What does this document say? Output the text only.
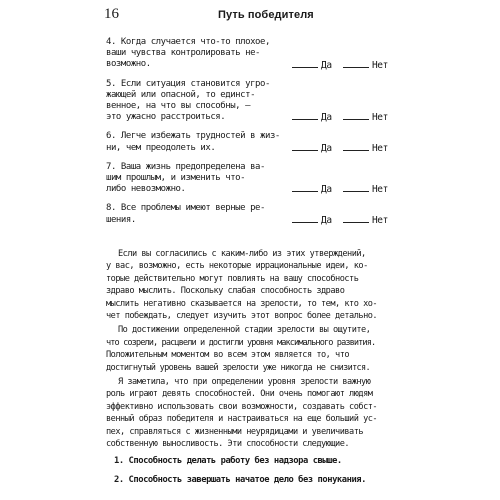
16	Путь победителя
4. Когда случается что-то плохое,
ваши чувства контролировать не-
возможно.	Да	Нет
5. Если ситуация становится угро-
жающей или опасной, то единст-
венное, на что вы способны, —
это ужасно расстроиться.	Да	Нет
6. Легче избежать трудностей в жиз-
ни, чем преодолеть их.	Да	Нет
7. Ваша жизнь предопределена ва-
шим прошлым, и изменить что-
либо невозможно.	Да	Нет
8. Все проблемы имеют верные ре-
шения.	Да	Нет
Если вы согласились с каким-либо из этих утверждений,
у вас, возможно, есть некоторые иррациональные идеи, ко-
торые действительно могут повлиять на вашу способность
здраво мыслить. Поскольку слабая способность здраво
мыслить негативно сказывается на зрелости, то тем, кто хо-
чет побеждать, следует изучить этот вопрос более детально.
По достижении определенной стадии зрелости вы ощутите,
что созрели, расцвели и достигли уровня максимального развития.
Положительным моментом во всем этом является то, что
достигнутый уровень вашей зрелости уже никогда не снизится.
Я заметила, что при определении уровня зрелости важную
роль играют девять способностей. Они очень помогают людям
эффективно использовать свои возможности, создавать собст-
венный образ победителя и настраиваться на еще больший ус-
пех, справляться с жизненными неурядицами и увеличивать
собственную выносливость. Эти способности следующие.
1. Способность делать работу без надзора свыше.
2. Способность завершать начатое дело без понукания.
